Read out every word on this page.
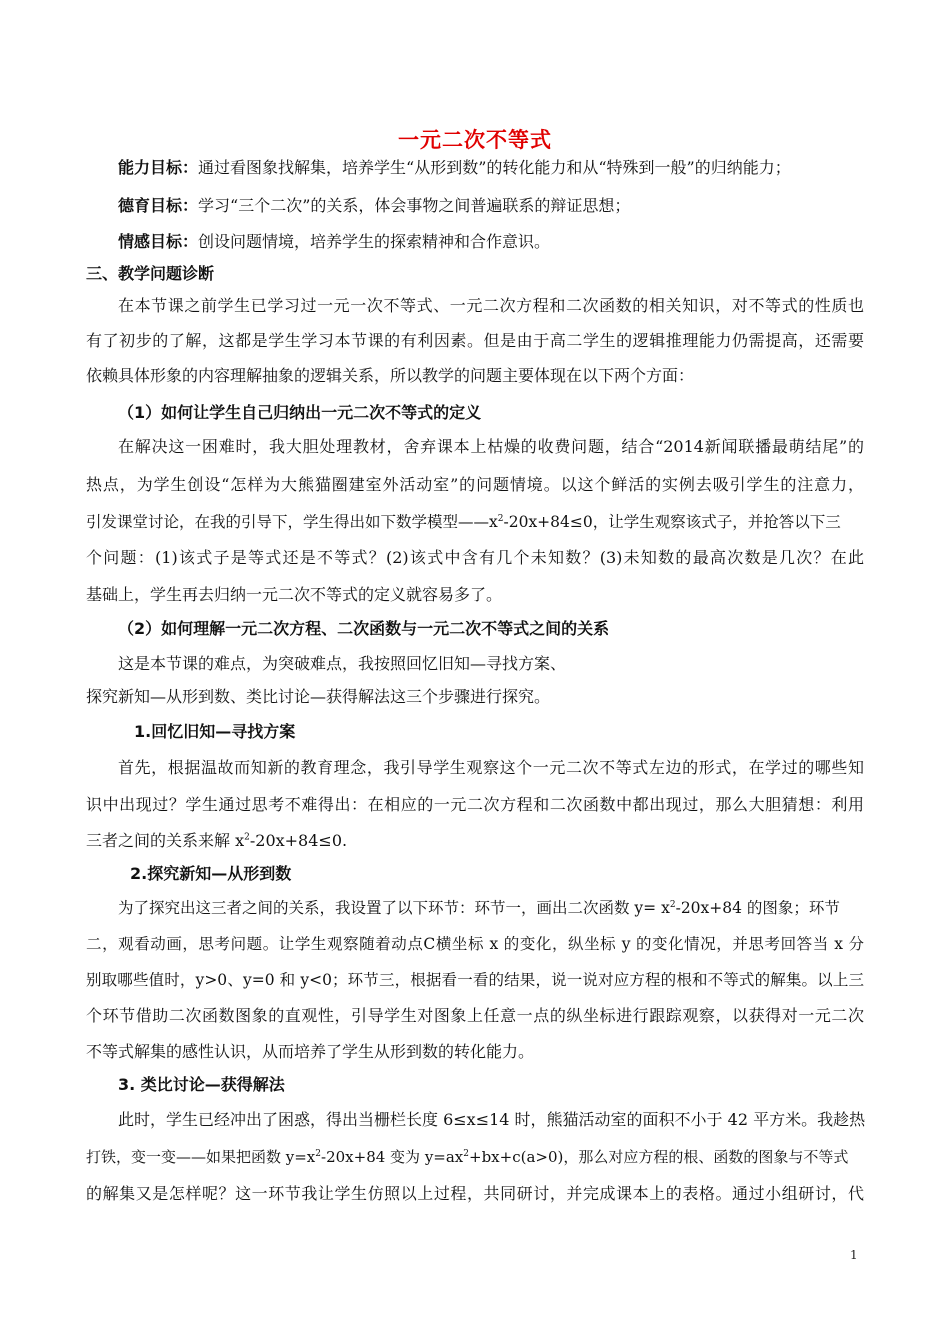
一元二次不等式
能力目标：通过看图象找解集，培养学生“从形到数”的转化能力和从“特殊到一般”的归纳能力；
德育目标：学习“三个二次”的关系，体会事物之间普遍联系的辩证思想；
情感目标：创设问题情境，培养学生的探索精神和合作意识。
三、教学问题诊断
在本节课之前学生已学习过一元一次不等式、一元二次方程和二次函数的相关知识，对不等式的性质也
有了初步的了解，这都是学生学习本节课的有利因素。但是由于高二学生的逻辑推理能力仍需提高，还需要
依赖具体形象的内容理解抽象的逻辑关系，所以教学的问题主要体现在以下两个方面：
（1）如何让学生自己归纳出一元二次不等式的定义
在解决这一困难时，我大胆处理教材，舍弃课本上枯燥的收费问题，结合“2014新闻联播最萌结尾”的
热点，为学生创设“怎样为大熊猫圈建室外活动室”的问题情境。以这个鲜活的实例去吸引学生的注意力，
引发课堂讨论，在我的引导下，学生得出如下数学模型$——x^2-20x+84\le 0$，让学生观察该式子，并抢答以下三
个问题：(1)该式子是等式还是不等式？(2)该式中含有几个未知数？(3)未知数的最高次数是几次？在此
基础上，学生再去归纳一元二次不等式的定义就容易多了。
（2）如何理解一元二次方程、二次函数与一元二次不等式之间的关系
这是本节课的难点，为突破难点，我按照回忆旧知—寻找方案、
探究新知—从形到数、类比讨论—获得解法这三个步骤进行探究。
1.回忆旧知—寻找方案
首先，根据温故而知新的教育理念，我引导学生观察这个一元二次不等式左边的形式，在学过的哪些知
识中出现过？学生通过思考不难得出：在相应的一元二次方程和二次函数中都出现过，那么大胆猜想：利用
三者之间的关系来解 $x^2-20x+84\le 0$.
2.探究新知—从形到数
为了探究出这三者之间的关系，我设置了以下环节：环节一，画出二次函数 $y= x^2-20x+84$ 的图象；环节
二，观看动画，思考问题。让学生观察随着动点C横坐标 x 的变化，纵坐标 y 的变化情况，并思考回答当 x 分
别取哪些值时，y>0、y=0 和 y<0；环节三，根据看一看的结果，说一说对应方程的根和不等式的解集。以上三
个环节借助二次函数图象的直观性，引导学生对图象上任意一点的纵坐标进行跟踪观察，以获得对一元二次
不等式解集的感性认识，从而培养了学生从形到数的转化能力。
3. 类比讨论—获得解法
此时，学生已经冲出了困惑，得出当栅栏长度 6≤x≤14 时，熊猫活动室的面积不小于 42 平方米。我趁热
打铁，变一变——如果把函数 $y=x^2-20x+84$ 变为 $y=ax^2+bx+c(a>0)$，那么对应方程的根、函数的图象与不等式
的解集又是怎样呢？这一环节我让学生仿照以上过程，共同研讨，并完成课本上的表格。通过小组研讨，代
1
